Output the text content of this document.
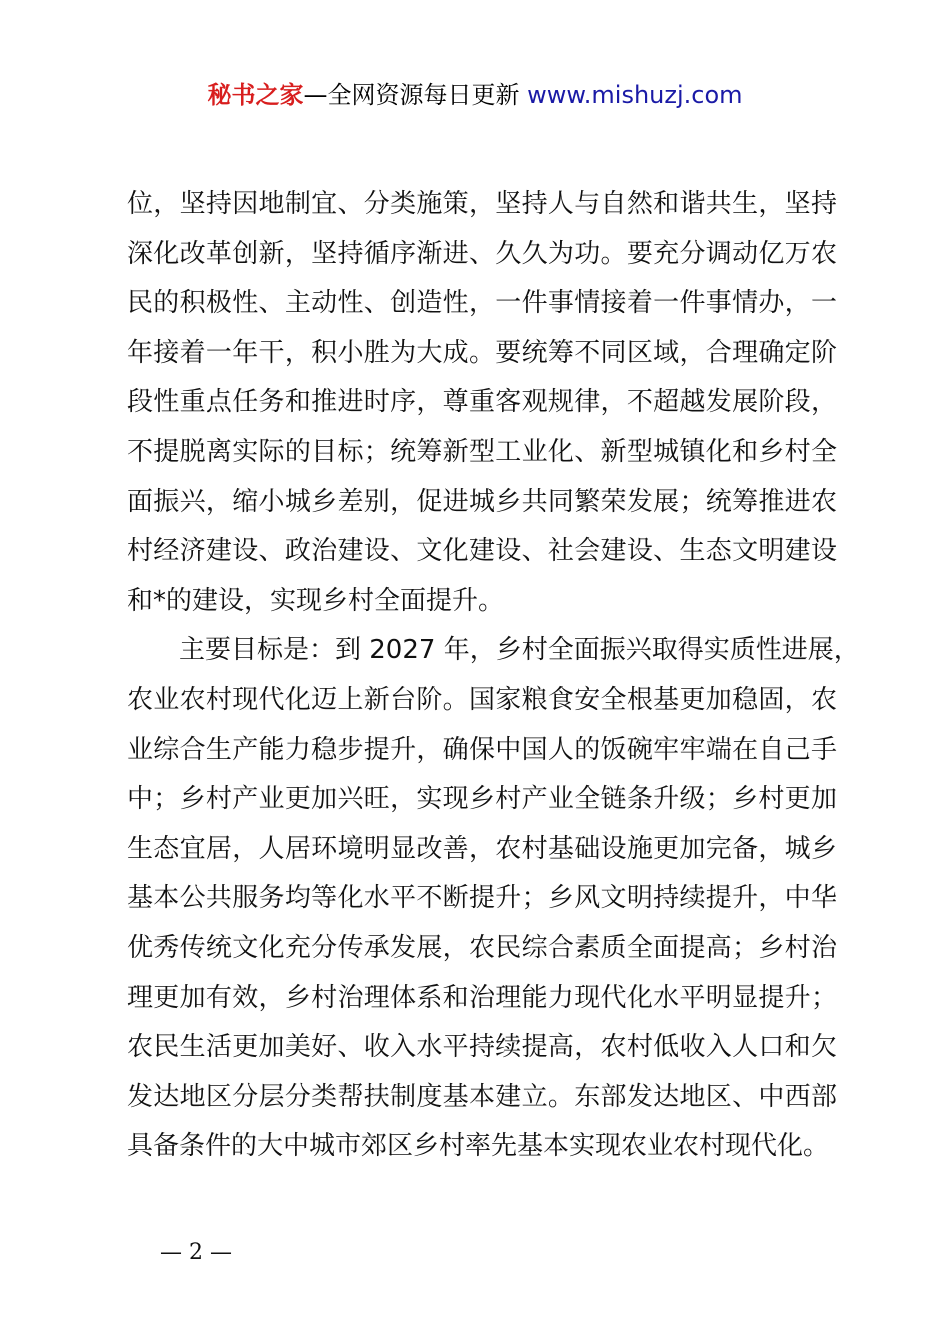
秘书之家—全网资源每日更新 www.mishuzj.com
位，坚持因地制宜、分类施策，坚持人与自然和谐共生，坚持
深化改革创新，坚持循序渐进、久久为功。要充分调动亿万农
民的积极性、主动性、创造性，一件事情接着一件事情办，一
年接着一年干，积小胜为大成。要统筹不同区域，合理确定阶
段性重点任务和推进时序，尊重客观规律，不超越发展阶段，
不提脱离实际的目标；统筹新型工业化、新型城镇化和乡村全
面振兴，缩小城乡差别，促进城乡共同繁荣发展；统筹推进农
村经济建设、政治建设、文化建设、社会建设、生态文明建设
和*的建设，实现乡村全面提升。
主要目标是：到 2027 年，乡村全面振兴取得实质性进展，
农业农村现代化迈上新台阶。国家粮食安全根基更加稳固，农
业综合生产能力稳步提升，确保中国人的饭碗牢牢端在自己手
中；乡村产业更加兴旺，实现乡村产业全链条升级；乡村更加
生态宜居，人居环境明显改善，农村基础设施更加完备，城乡
基本公共服务均等化水平不断提升；乡风文明持续提升，中华
优秀传统文化充分传承发展，农民综合素质全面提高；乡村治
理更加有效，乡村治理体系和治理能力现代化水平明显提升；
农民生活更加美好、收入水平持续提高，农村低收入人口和欠
发达地区分层分类帮扶制度基本建立。东部发达地区、中西部
具备条件的大中城市郊区乡村率先基本实现农业农村现代化。
— 2 —
